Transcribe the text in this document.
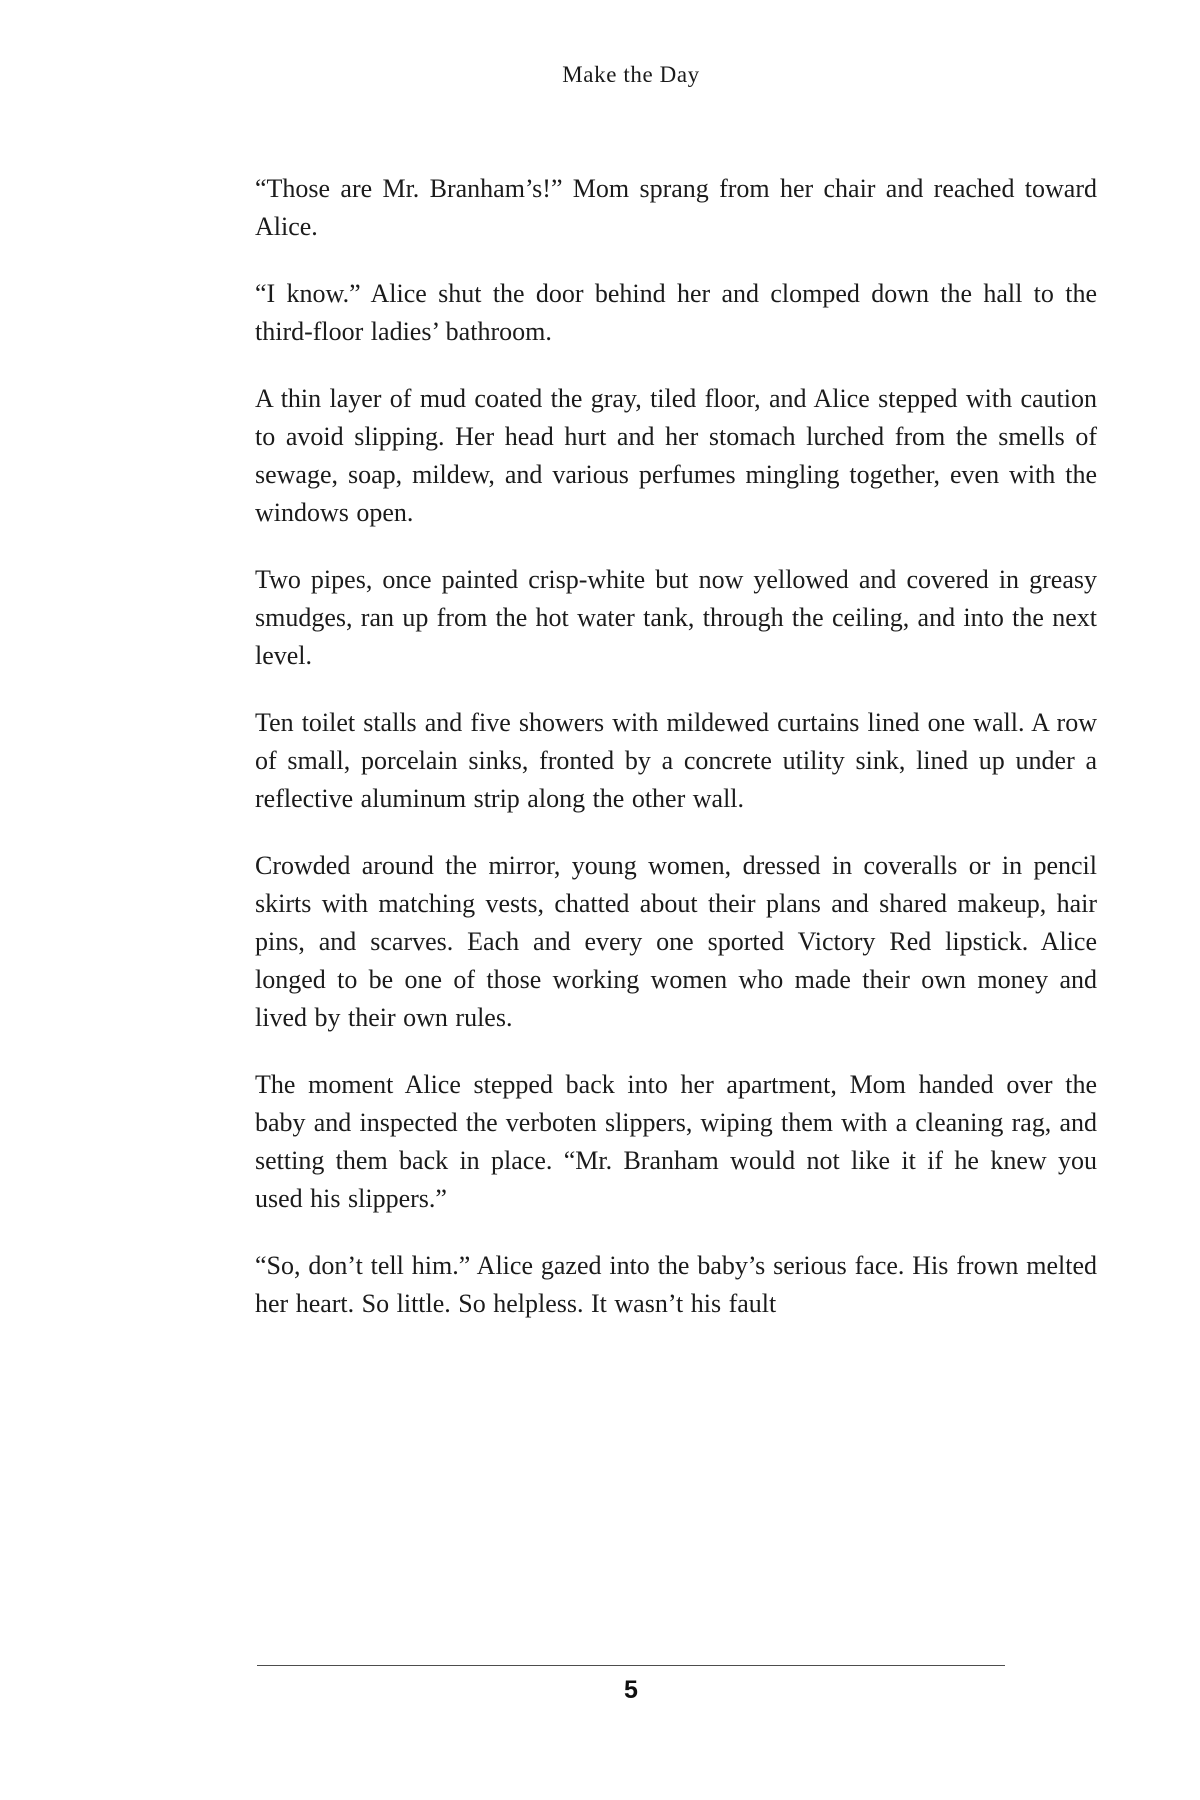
Make the Day

“Those are Mr. Branham’s!” Mom sprang from her chair and reached toward Alice.

“I know.” Alice shut the door behind her and clomped down the hall to the third-floor ladies’ bathroom.

A thin layer of mud coated the gray, tiled floor, and Alice stepped with caution to avoid slipping. Her head hurt and her stomach lurched from the smells of sewage, soap, mildew, and various perfumes mingling together, even with the windows open.

Two pipes, once painted crisp-white but now yellowed and covered in greasy smudges, ran up from the hot water tank, through the ceiling, and into the next level.

Ten toilet stalls and five showers with mildewed curtains lined one wall. A row of small, porcelain sinks, fronted by a concrete utility sink, lined up under a reflective aluminum strip along the other wall.

Crowded around the mirror, young women, dressed in coveralls or in pencil skirts with matching vests, chatted about their plans and shared makeup, hair pins, and scarves. Each and every one sported Victory Red lipstick. Alice longed to be one of those working women who made their own money and lived by their own rules.

The moment Alice stepped back into her apartment, Mom handed over the baby and inspected the verboten slippers, wiping them with a cleaning rag, and setting them back in place. “Mr. Branham would not like it if he knew you used his slippers.”

“So, don’t tell him.” Alice gazed into the baby’s serious face. His frown melted her heart. So little. So helpless. It wasn’t his fault

5
